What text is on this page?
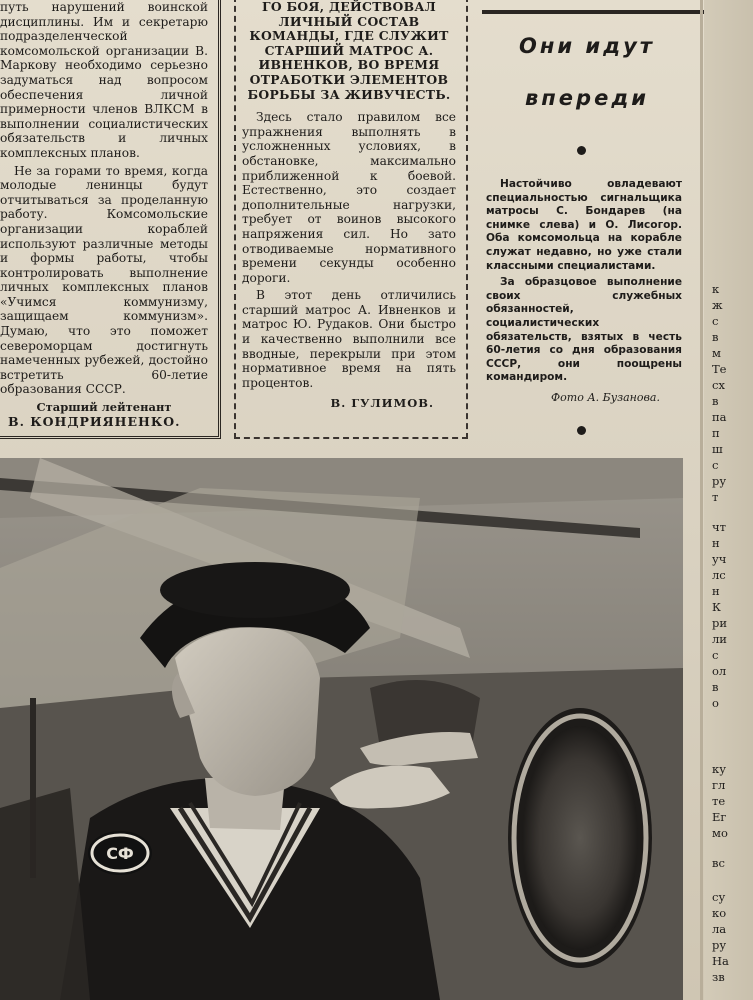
путь нарушений воинской дисциплины. Им и секретарю подразделенческой комсомольской организации В. Маркову необходимо серьезно задуматься над вопросом обеспечения личной примерности членов ВЛКСМ в выполнении социалистических обязательств и личных комплексных планов.

Не за горами то время, когда молодые ленинцы будут отчитываться за проделанную работу. Комсомольские организации кораблей используют различные методы и формы работы, чтобы контролировать выполнение личных комплексных планов «Учимся коммунизму, защищаем коммунизм». Думаю, что это поможет североморцам достигнуть намеченных рубежей, достойно встретить 60-летие образования СССР.

Старший лейтенант
В. КОНДРИЯНЕНКО.
ГО БОЯ, ДЕЙСТВОВАЛ ЛИЧНЫЙ СОСТАВ КОМАНДЫ, ГДЕ СЛУЖИТ СТАРШИЙ МАТРОС А. ИВНЕНКОВ, ВО ВРЕМЯ ОТРАБОТКИ ЭЛЕМЕНТОВ БОРЬБЫ ЗА ЖИВУЧЕСТЬ.

Здесь стало правилом все упражнения выполнять в усложненных условиях, в обстановке, максимально приближенной к боевой. Естественно, это создает дополнительные нагрузки, требует от воинов высокого напряжения сил. Но зато отводиваемые нормативного времени секунды особенно дороги.

В этот день отличились старший матрос А. Ивненков и матрос Ю. Рудаков. Они быстро и качественно выполнили все вводные, перекрыли при этом нормативное время на пять процентов.

В. ГУЛИМОВ.
Они идут
впереди

Настойчиво овладевают специальностью сигнальщика матросы С. Бондарев (на снимке слева) и О. Лисогор. Оба комсомольца на корабле служат недавно, но уже стали классными специалистами.

За образцовое выполнение своих служебных обязанностей, социалистических обязательств, взятых в честь 60-летия со дня образования СССР, они поощрены командиром.

Фото А. Бузанова.
к
ж
с
в
м
Те
сх
в
па
п
ш
с
ру
т
чт
н
уч
лс
н
К
ри
ли
с
ол
в
о
ку
гл
те
Ег
мо
вс
су
ко
ла
ру
На
зв
СФ
